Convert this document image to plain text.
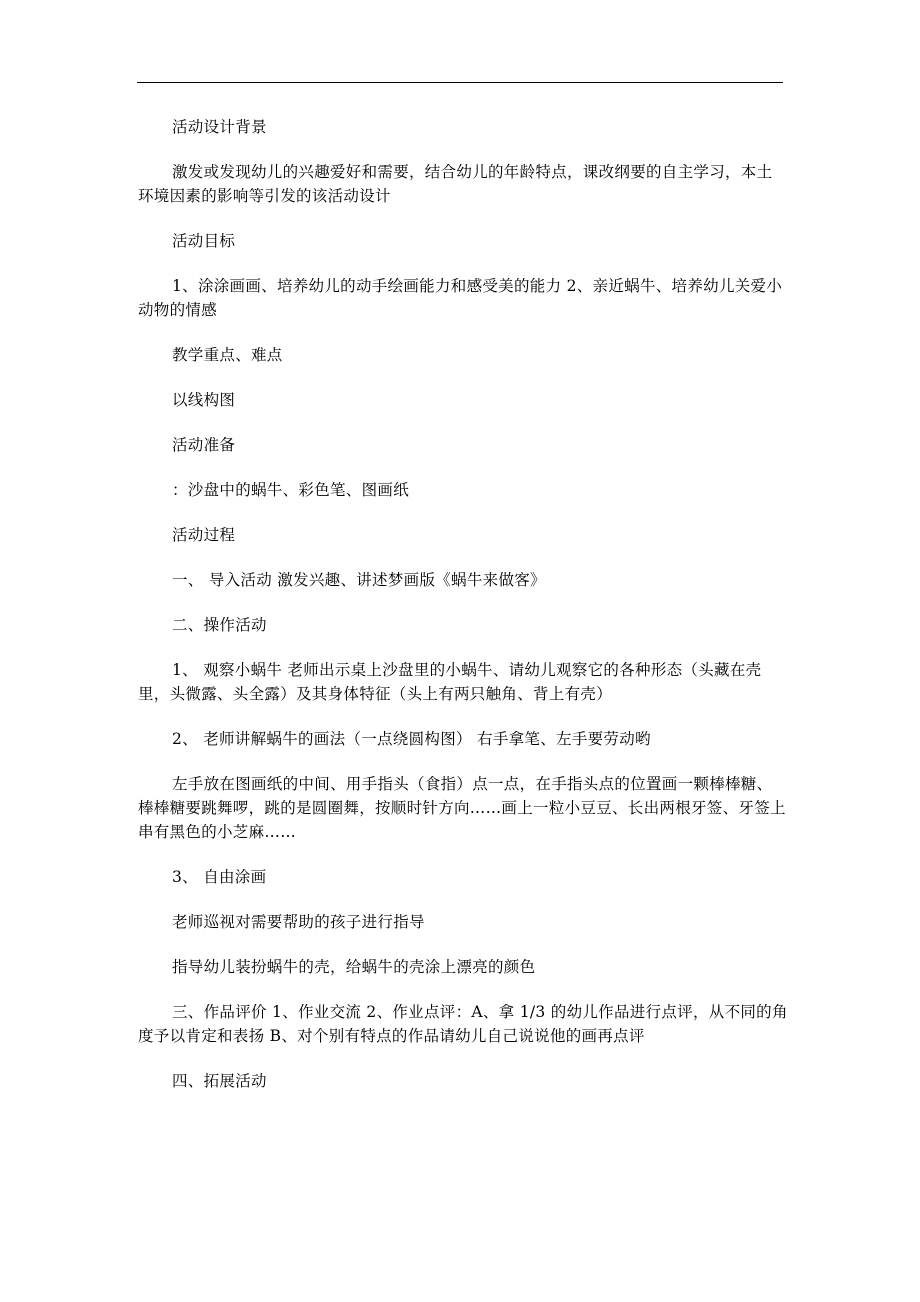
活动设计背景

激发或发现幼儿的兴趣爱好和需要，结合幼儿的年龄特点，课改纲要的自主学习，本土环境因素的影响等引发的该活动设计

活动目标

1、涂涂画画、培养幼儿的动手绘画能力和感受美的能力 2、亲近蜗牛、培养幼儿关爱小动物的情感

教学重点、难点

以线构图

活动准备

：沙盘中的蜗牛、彩色笔、图画纸

活动过程

一、 导入活动 激发兴趣、讲述梦画版《蜗牛来做客》

二、操作活动

1、 观察小蜗牛 老师出示桌上沙盘里的小蜗牛、请幼儿观察它的各种形态（头藏在壳里，头微露、头全露）及其身体特征（头上有两只触角、背上有壳）

2、 老师讲解蜗牛的画法（一点绕圆构图） 右手拿笔、左手要劳动哟

左手放在图画纸的中间、用手指头（食指）点一点，在手指头点的位置画一颗棒棒糖、棒棒糖要跳舞啰，跳的是圆圈舞，按顺时针方向……画上一粒小豆豆、长出两根牙签、牙签上串有黑色的小芝麻……

3、 自由涂画

老师巡视对需要帮助的孩子进行指导

指导幼儿装扮蜗牛的壳，给蜗牛的壳涂上漂亮的颜色

三、作品评价 1、作业交流 2、作业点评：A、拿 1/3 的幼儿作品进行点评，从不同的角度予以肯定和表扬 B、对个别有特点的作品请幼儿自己说说他的画再点评

四、拓展活动
